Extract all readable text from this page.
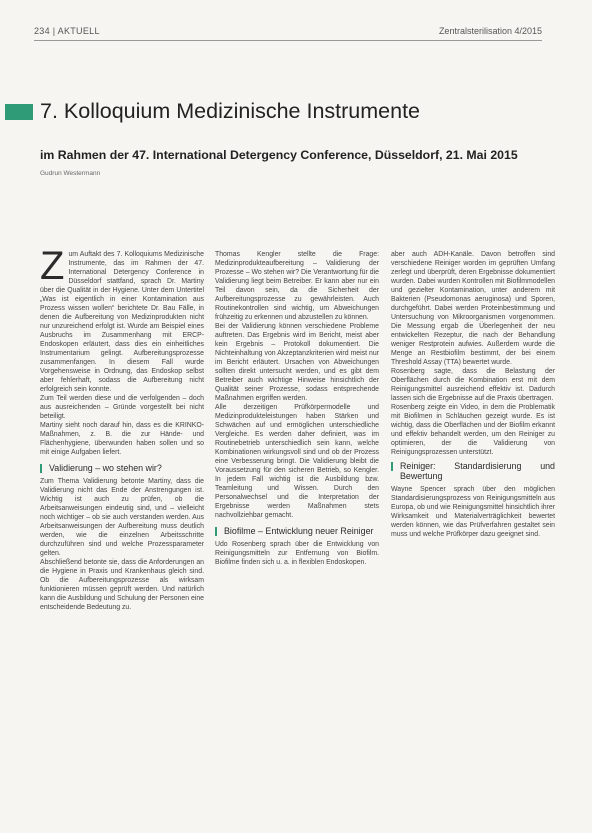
234 | AKTUELL	Zentralsterilisation 4/2015
7. Kolloquium Medizinische Instrumente
im Rahmen der 47. International Detergency Conference, Düsseldorf, 21. Mai 2015
Gudrun Westermann

Zum Auftakt des 7. Kolloquiums Medizinische Instrumente, das im Rahmen der 47. International Detergency Conference in Düsseldorf stattfand, sprach Dr. Martiny über die Qualität in der Hygiene. Unter dem Untertitel „Was ist eigentlich in einer Kontamination aus Prozess wissen wollen“ berichtete Dr. Bau Fälle, in denen die Aufbereitung von Medizinprodukten nicht nur unzureichend erfolgt ist. Wurde am Beispiel eines Ausbruchs im Zusammenhang mit ERCP-Endoskopen erläutert, dass dies ein einheitliches Instrumentarium gelingt. Aufbereitungsprozesse zusammenfangen. In diesem Fall wurde Vorgehensweise in Ordnung, das Endoskop selbst aber fehlerhaft, sodass die Aufbereitung nicht erfolgreich sein konnte.

Zum Teil werden diese und die verfolgenden – doch aus ausreichenden – Gründe vorgestellt bei nicht beteiligt.

Martiny sieht noch darauf hin, dass es die KRINKO-Maßnahmen, z. B. die zur Hände- und Flächenhygiene, überwunden haben sollen und so mit einige Aufgaben liefert.

Validierung – wo stehen wir?

Zum Thema Validierung betonte Martiny, dass die Validierung nicht das Ende der Anstrengungen ist. Wichtig ist auch zu prüfen, ob die Arbeitsanweisungen eindeutig sind, und – vielleicht noch wichtiger – ob sie auch verstanden werden. Aus Arbeitsanweisungen der Aufbereitung muss deutlich werden, wie die einzelnen Arbeitsschritte durchzuführen sind und welche Prozessparameter gelten.

Abschließend betonte sie, dass die Anforderungen an die Hygiene in Praxis und Krankenhaus gleich sind. Ob die Aufbereitungsprozesse als wirksam funktionieren müssen geprüft werden. Und natürlich kann die Ausbildung und Schulung der Personen eine entscheidende Bedeutung zu.

Thomas Kengler stellte die Frage: Medizinprodukteaufbereitung – Validierung der Prozesse – Wo stehen wir? Die Verantwortung für die Validierung liegt beim Betreiber. Er kann aber nur ein Teil davon sein, da die Sicherheit der Aufbereitungsprozesse zu gewährleisten. Auch Routinekontrollen sind wichtig, um Abweichungen frühzeitig zu erkennen und abzustellen zu können.

Bei der Validierung können verschiedene Probleme auftreten. Das Ergebnis wird im Bericht, meist aber kein Ergebnis – Protokoll dokumentiert. Die Nichteinhaltung von Akzeptanzkriterien wird meist nur im Bericht erläutert. Ursachen von Abweichungen sollten direkt untersucht werden, und es gibt dem Betreiber auch wichtige Hinweise hinsichtlich der Qualität seiner Prozesse, sodass entsprechende Maßnahmen ergriffen werden.

Alle derzeitigen Prüfkörpermodelle und Medizinprodukteleistungen haben Stärken und Schwächen auf und ermöglichen unterschiedliche Vergleiche. Es werden daher definiert, was im Routinebetrieb unterschiedlich sein kann, welche Kombinationen wirkungsvoll sind und ob der Prozess eine Verbesserung bringt. Die Validierung bleibt die Voraussetzung für den sicheren Betrieb, so Kengler. In jedem Fall wichtig ist die Ausbildung bzw. Teamleitung und Wissen. Durch den Personalwechsel und die Interpretation der Ergebnisse werden Maßnahmen stets nachvollziehbar gemacht.

Biofilme – Entwicklung neuer Reiniger

Udo Rosenberg sprach über die Entwicklung von Reinigungsmitteln zur Entfernung von Biofilm. Biofilme finden sich u. a. in flexiblen Endoskopen.

aber auch ADH-Kanäle. Davon betroffen sind verschiedene Reiniger worden im geprüften Umfang zerlegt und überprüft, deren Ergebnisse dokumentiert wurden. Dabei wurden Kontrollen mit Biofilmmodellen und gezielter Kontamination, unter anderem mit Bakterien (Pseudomonas aeruginosa) und Sporen, durchgeführt. Dabei werden Proteinbestimmung und Untersuchung von Mikroorganismen vorgenommen. Die Messung ergab die Überlegenheit der neu entwickelten Rezeptur, die nach der Behandlung weniger Restprotein aufwies. Außerdem wurde die Menge an Restbiofilm bestimmt, der bei einem Threshold Assay (TTA) bewertet wurde.

Rosenberg sagte, dass die Belastung der Oberflächen durch die Kombination erst mit dem Reinigungsmittel ausreichend effektiv ist. Dadurch lassen sich die Ergebnisse auf die Praxis übertragen.

Rosenberg zeigte ein Video, in dem die Problematik mit Biofilmen in Schläuchen gezeigt wurde. Es ist wichtig, dass die Oberflächen und der Biofilm erkannt und effektiv behandelt werden, um den Reiniger zu optimieren, der die Validierung von Reinigungsprozessen unterstützt.

Reiniger: Standardisierung und Bewertung

Wayne Spencer sprach über den möglichen Standardisierungsprozess von Reinigungsmitteln aus Europa, ob und wie Reinigungsmittel hinsichtlich ihrer Wirksamkeit und Materialverträglichkeit bewertet werden können, wie das Prüfverfahren gestaltet sein muss und welche Prüfkörper dazu geeignet sind.
